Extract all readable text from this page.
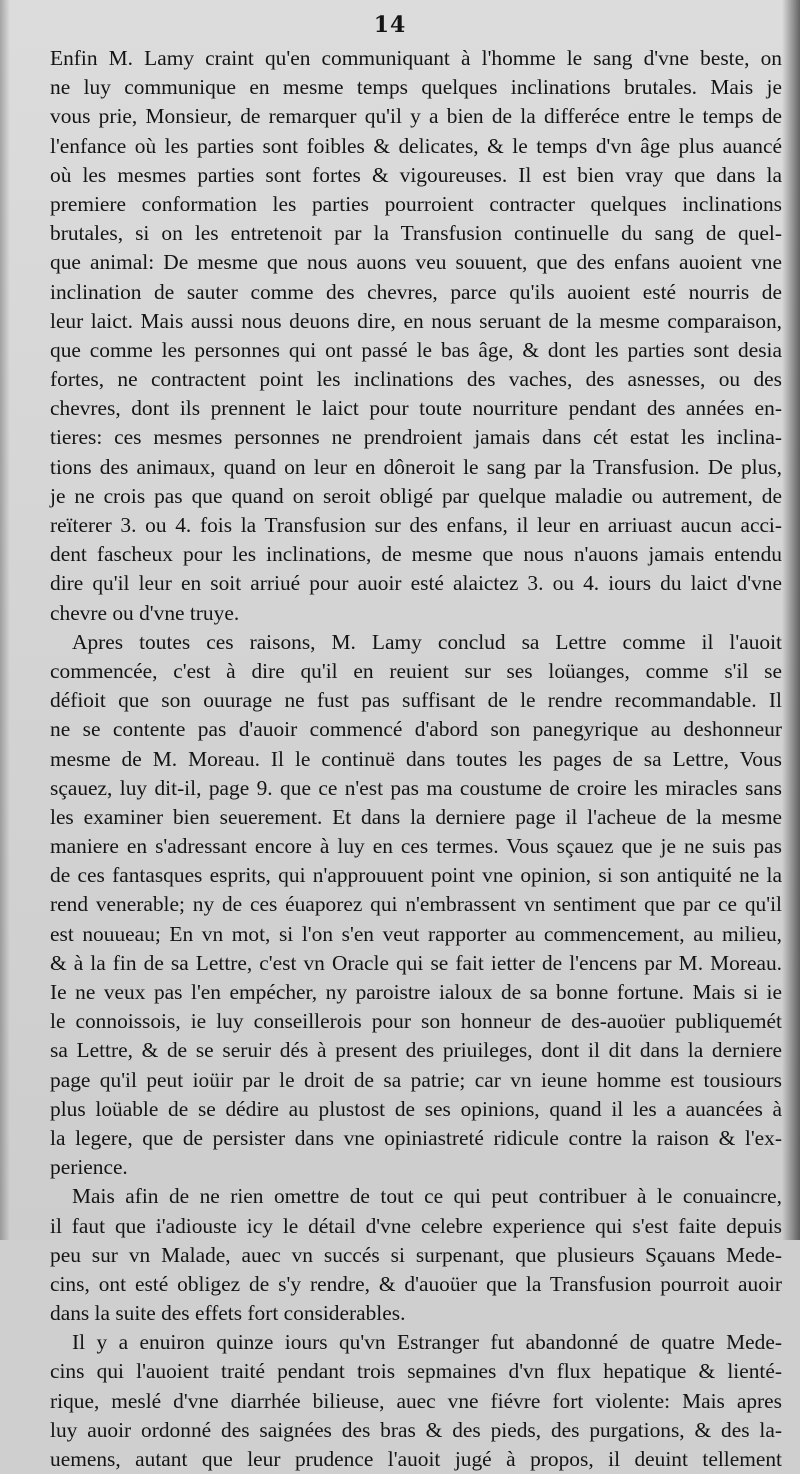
14
Enfin M. Lamy craint qu'en communiquant à l'homme le sang d'vne beste, on
ne luy communique en mesme temps quelques inclinations brutales. Mais je
vous prie, Monsieur, de remarquer qu'il y a bien de la differéce entre le temps de
l'enfance où les parties sont foibles & delicates, & le temps d'vn âge plus auancé
où les mesmes parties sont fortes & vigoureuses. Il est bien vray que dans la
premiere conformation les parties pourroient contracter quelques inclinations
brutales, si on les entretenoit par la Transfusion continuelle du sang de quel-
que animal: De mesme que nous auons veu souuent, que des enfans auoient vne
inclination de sauter comme des chevres, parce qu'ils auoient esté nourris de
leur laict. Mais aussi nous deuons dire, en nous seruant de la mesme comparaison,
que comme les personnes qui ont passé le bas âge, & dont les parties sont desia
fortes, ne contractent point les inclinations des vaches, des asnesses, ou des
chevres, dont ils prennent le laict pour toute nourriture pendant des années en-
tieres: ces mesmes personnes ne prendroient jamais dans cét estat les inclina-
tions des animaux, quand on leur en dôneroit le sang par la Transfusion. De plus,
je ne crois pas que quand on seroit obligé par quelque maladie ou autrement, de
reïterer 3. ou 4. fois la Transfusion sur des enfans, il leur en arriuast aucun acci-
dent fascheux pour les inclinations, de mesme que nous n'auons jamais entendu
dire qu'il leur en soit arriué pour auoir esté alaictez 3. ou 4. iours du laict d'vne
chevre ou d'vne truye.
Apres toutes ces raisons, M. Lamy conclud sa Lettre comme il l'auoit
commencée, c'est à dire qu'il en reuient sur ses loüanges, comme s'il se
défioit que son ouurage ne fust pas suffisant de le rendre recommandable. Il
ne se contente pas d'auoir commencé d'abord son panegyrique au deshonneur
mesme de M. Moreau. Il le continuë dans toutes les pages de sa Lettre, Vous
sçauez, luy dit-il, page 9. que ce n'est pas ma coustume de croire les miracles sans
les examiner bien seuerement. Et dans la derniere page il l'acheue de la mesme
maniere en s'adressant encore à luy en ces termes. Vous sçauez que je ne suis pas
de ces fantasques esprits, qui n'approuuent point vne opinion, si son antiquité ne la
rend venerable; ny de ces éuaporez qui n'embrassent vn sentiment que par ce qu'il
est nouueau; En vn mot, si l'on s'en veut rapporter au commencement, au milieu,
& à la fin de sa Lettre, c'est vn Oracle qui se fait ietter de l'encens par M. Moreau.
Ie ne veux pas l'en empécher, ny paroistre ialoux de sa bonne fortune. Mais si ie
le connoissois, ie luy conseillerois pour son honneur de des-auoüer publiquemét
sa Lettre, & de se seruir dés à present des priuileges, dont il dit dans la derniere
page qu'il peut ioüir par le droit de sa patrie; car vn ieune homme est tousiours
plus loüable de se dédire au plustost de ses opinions, quand il les a auancées à
la legere, que de persister dans vne opiniastreté ridicule contre la raison & l'ex-
perience.
Mais afin de ne rien omettre de tout ce qui peut contribuer à le conuaincre,
il faut que i'adiouste icy le détail d'vne celebre experience qui s'est faite depuis
peu sur vn Malade, auec vn succés si surpenant, que plusieurs Sçauans Mede-
cins, ont esté obligez de s'y rendre, & d'auoüer que la Transfusion pourroit auoir
dans la suite des effets fort considerables.
Il y a enuiron quinze iours qu'vn Estranger fut abandonné de quatre Mede-
cins qui l'auoient traité pendant trois sepmaines d'vn flux hepatique & lienté-
rique, meslé d'vne diarrhée bilieuse, auec vne fiévre fort violente: Mais apres
luy auoir ordonné des saignées des bras & des pieds, des purgations, & des la-
uemens, autant que leur prudence l'auoit jugé à propos, il deuint tellement
